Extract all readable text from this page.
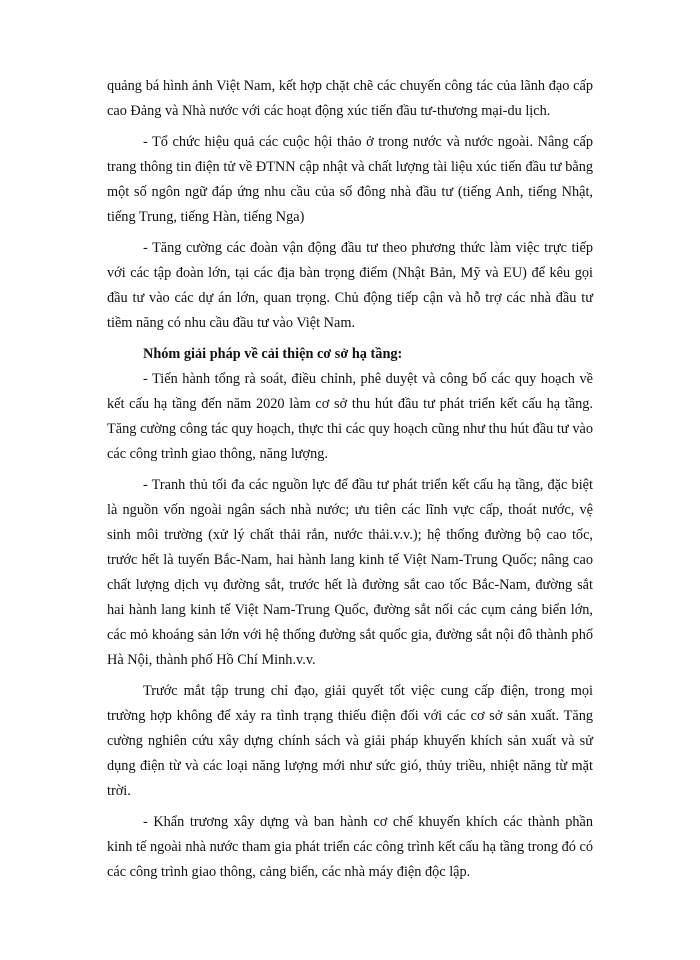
quảng bá hình ảnh Việt Nam, kết hợp chặt chẽ các chuyến công tác của lãnh đạo cấp cao Đảng và Nhà nước với các hoạt động xúc tiến đầu tư-thương mại-du lịch.

- Tổ chức hiệu quả các cuộc hội thảo ở trong nước và nước ngoài. Nâng cấp trang thông tin điện tử về ĐTNN cập nhật và chất lượng tài liệu xúc tiến đầu tư bằng một số ngôn ngữ đáp ứng nhu cầu của số đông nhà đầu tư (tiếng Anh, tiếng Nhật, tiếng Trung, tiếng Hàn, tiếng Nga)

- Tăng cường các đoàn vận động đầu tư theo phương thức làm việc trực tiếp với các tập đoàn lớn, tại các địa bàn trọng điểm (Nhật Bản, Mỹ và EU) để kêu gọi đầu tư vào các dự án lớn, quan trọng. Chủ động tiếp cận và hỗ trợ các nhà đầu tư tiềm năng có nhu cầu đầu tư vào Việt Nam.

Nhóm giải pháp về cải thiện cơ sở hạ tầng:

- Tiến hành tổng rà soát, điều chỉnh, phê duyệt và công bố các quy hoạch về kết cấu hạ tầng đến năm 2020 làm cơ sở thu hút đầu tư phát triển kết cấu hạ tầng. Tăng cường công tác quy hoạch, thực thi các quy hoạch cũng như thu hút đầu tư vào các công trình giao thông, năng lượng.

- Tranh thủ tối đa các nguồn lực để đầu tư phát triển kết cấu hạ tầng, đặc biệt là nguồn vốn ngoài ngân sách nhà nước; ưu tiên các lĩnh vực cấp, thoát nước, vệ sinh môi trường (xử lý chất thải rắn, nước thải.v.v.); hệ thống đường bộ cao tốc, trước hết là tuyến Bắc-Nam, hai hành lang kinh tế Việt Nam-Trung Quốc; nâng cao chất lượng dịch vụ đường sắt, trước hết là đường sắt cao tốc Bắc-Nam, đường sắt hai hành lang kinh tế Việt Nam-Trung Quốc, đường sắt nối các cụm cảng biển lớn, các mỏ khoáng sản lớn với hệ thống đường sắt quốc gia, đường sắt nội đô thành phố Hà Nội, thành phố Hồ Chí Minh.v.v.

Trước mắt tập trung chỉ đạo, giải quyết tốt việc cung cấp điện, trong mọi trường hợp không để xảy ra tình trạng thiếu điện đối với các cơ sở sản xuất. Tăng cường nghiên cứu xây dựng chính sách và giải pháp khuyến khích sản xuất và sử dụng điện từ và các loại năng lượng mới như sức gió, thủy triều, nhiệt năng từ mặt trời.

- Khẩn trương xây dựng và ban hành cơ chế khuyến khích các thành phần kinh tế ngoài nhà nước tham gia phát triển các công trình kết cấu hạ tầng trong đó có các công trình giao thông, cảng biển, các nhà máy điện độc lập.
